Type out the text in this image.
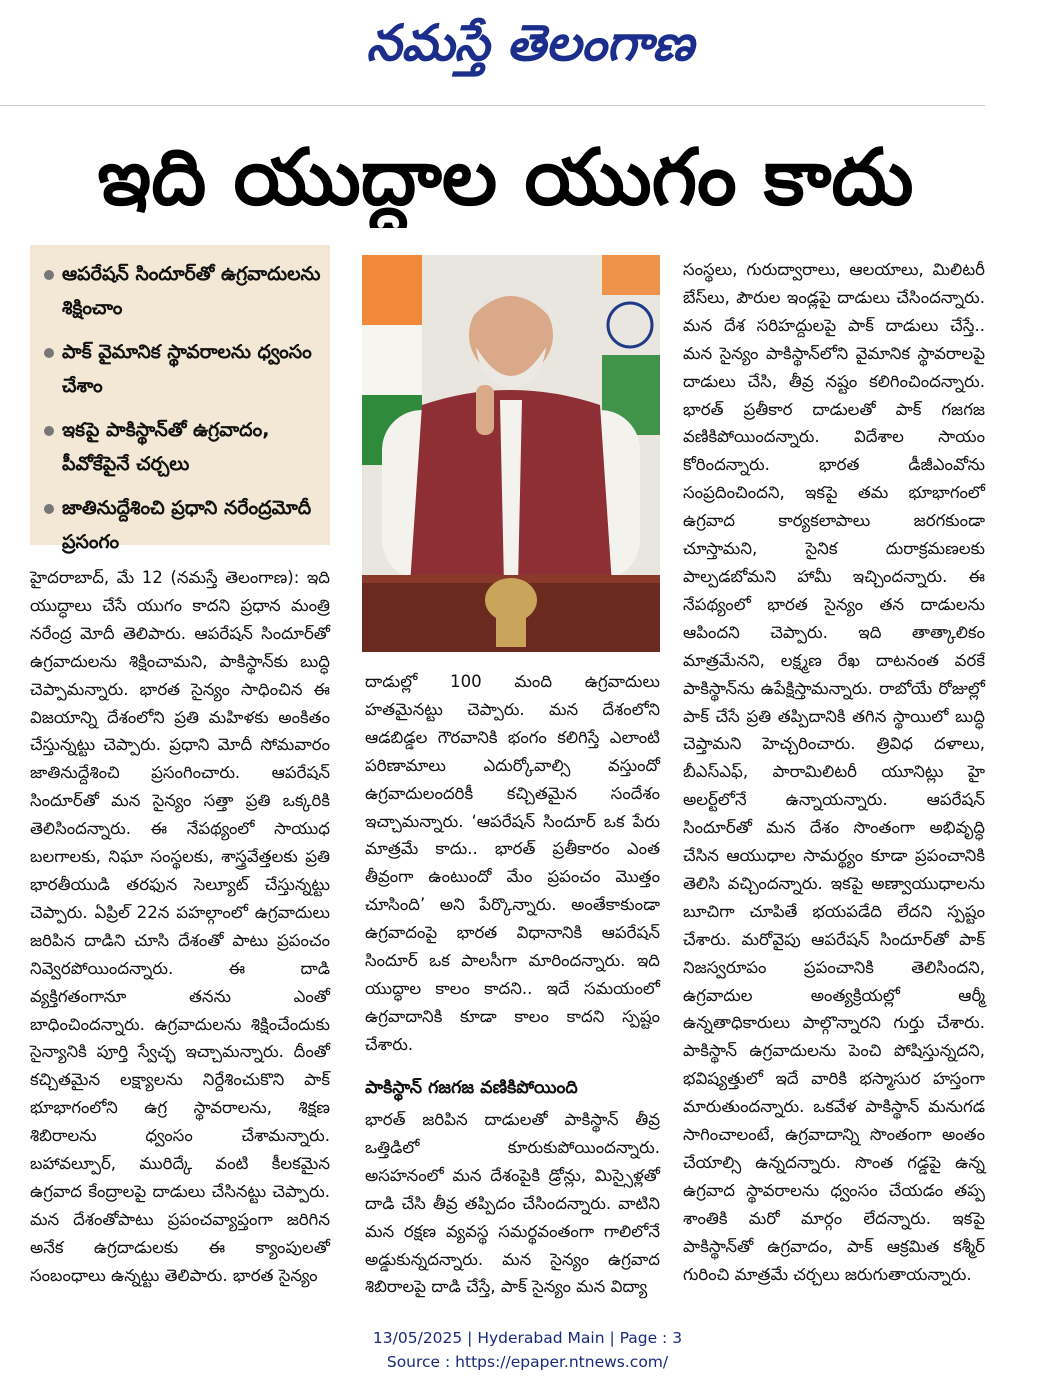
నమస్తే తెలంగాణ
ఇది యుద్ధాల యుగం కాదు
ఆపరేషన్ సిందూర్‌తో ఉగ్రవాదులను శిక్షించాం
పాక్ వైమానిక స్థావరాలను ధ్వంసం చేశాం
ఇకపై పాకిస్థాన్‌తో ఉగ్రవాదం, పీవోకేపైనే చర్చలు
జాతినుద్దేశించి ప్రధాని నరేంద్రమోదీ ప్రసంగం

హైదరాబాద్, మే 12 (నమస్తే తెలంగాణ): ఇది యుద్ధాలు చేసే యుగం కాదని ప్రధాన మంత్రి నరేంద్ర మోదీ తెలిపారు. ఆపరేషన్ సిందూర్‌తో ఉగ్రవాదులను శిక్షించామని, పాకిస్థాన్‌కు బుద్ధి చెప్పామన్నారు. భారత సైన్యం సాధించిన ఈ విజయాన్ని దేశంలోని ప్రతి మహిళకు అంకితం చేస్తున్నట్టు చెప్పారు. ప్రధాని మోదీ సోమవారం జాతినుద్దేశించి ప్రసంగించారు. ఆపరేషన్ సిందూర్‌తో మన సైన్యం సత్తా ప్రతి ఒక్కరికి తెలిసిందన్నారు. ఈ నేపథ్యంలో సాయుధ బలగాలకు, నిఘా సంస్థలకు, శాస్త్రవేత్తలకు ప్రతి భారతీయుడి తరఫున సెల్యూట్ చేస్తున్నట్టు చెప్పారు. ఏప్రిల్ 22న పహల్గాంలో ఉగ్రవాదులు జరిపిన దాడిని చూసి దేశంతో పాటు ప్రపంచం నివ్వెరపోయిందన్నారు. ఈ దాడి వ్యక్తిగతంగానూ తనను ఎంతో బాధించిందన్నారు. ఉగ్రవాదులను శిక్షించేందుకు సైన్యానికి పూర్తి స్వేచ్ఛ ఇచ్చామన్నారు. దీంతో కచ్చితమైన లక్ష్యాలను నిర్దేశించుకొని పాక్ భూభాగంలోని ఉగ్ర స్థావరాలను, శిక్షణ శిబిరాలను ధ్వంసం చేశామన్నారు. బహావల్పూర్, మురిద్కే వంటి కీలకమైన ఉగ్రవాద కేంద్రాలపై దాడులు చేసినట్టు చెప్పారు. మన దేశంతోపాటు ప్రపంచవ్యాప్తంగా జరిగిన అనేక ఉగ్రదాడులకు ఈ క్యాంపులతో సంబంధాలు ఉన్నట్టు తెలిపారు. భారత సైన్యం

దాడుల్లో 100 మంది ఉగ్రవాదులు హతమైనట్టు చెప్పారు. మన దేశంలోని ఆడబిడ్డల గౌరవానికి భంగం కలిగిస్తే ఎలాంటి పరిణామాలు ఎదుర్కోవాల్సి వస్తుందో ఉగ్రవాదులందరికీ కచ్చితమైన సందేశం ఇచ్చామన్నారు. ‘ఆపరేషన్ సిందూర్ ఒక పేరు మాత్రమే కాదు.. భారత్ ప్రతీకారం ఎంత తీవ్రంగా ఉంటుందో మేం ప్రపంచం మొత్తం చూసింది’ అని పేర్కొన్నారు. అంతేకాకుండా ఉగ్రవాదంపై భారత విధానానికి ఆపరేషన్ సిందూర్ ఒక పాలసీగా మారిందన్నారు. ఇది యుద్ధాల కాలం కాదని.. ఇదే సమయంలో ఉగ్రవాదానికి కూడా కాలం కాదని స్పష్టం చేశారు.

పాకిస్థాన్ గజగజ వణికిపోయింది

భారత్ జరిపిన దాడులతో పాకిస్థాన్ తీవ్ర ఒత్తిడిలో కూరుకుపోయిందన్నారు. అసహనంలో మన దేశంపైకి డ్రోన్లు, మిస్సైళ్లతో దాడి చేసి తీవ్ర తప్పిదం చేసిందన్నారు. వాటిని మన రక్షణ వ్యవస్థ సమర్థవంతంగా గాలిలోనే అడ్డుకున్నదన్నారు. మన సైన్యం ఉగ్రవాద శిబిరాలపై దాడి చేస్తే, పాక్ సైన్యం మన విద్యా

సంస్థలు, గురుద్వారాలు, ఆలయాలు, మిలిటరీ బేస్‌లు, పౌరుల ఇండ్లపై దాడులు చేసిందన్నారు. మన దేశ సరిహద్దులపై పాక్ దాడులు చేస్తే.. మన సైన్యం పాకిస్థాన్‌లోని వైమానిక స్థావరాలపై దాడులు చేసి, తీవ్ర నష్టం కలిగించిందన్నారు. భారత్ ప్రతీకార దాడులతో పాక్ గజగజ వణికిపోయిందన్నారు. విదేశాల సాయం కోరిందన్నారు. భారత డీజీఎంవోను సంప్రదించిందని, ఇకపై తమ భూభాగంలో ఉగ్రవాద కార్యకలాపాలు జరగకుండా చూస్తామని, సైనిక దురాక్రమణలకు పాల్పడబోమని హామీ ఇచ్చిందన్నారు. ఈ నేపథ్యంలో భారత సైన్యం తన దాడులను ఆపిందని చెప్పారు. ఇది తాత్కాలికం మాత్రమేనని, లక్ష్మణ రేఖ దాటనంత వరకే పాకిస్థాన్‌ను ఉపేక్షిస్తామన్నారు. రాబోయే రోజుల్లో పాక్ చేసే ప్రతి తప్పిదానికి తగిన స్థాయిలో బుద్ధి చెప్తామని హెచ్చరించారు. త్రివిధ దళాలు, బీఎస్‌ఎఫ్, పారామిలిటరీ యూనిట్లు హై అలర్ట్‌లోనే ఉన్నాయన్నారు. ఆపరేషన్ సిందూర్‌తో మన దేశం సొంతంగా అభివృద్ధి చేసిన ఆయుధాల సామర్థ్యం కూడా ప్రపంచానికి తెలిసి వచ్చిందన్నారు. ఇకపై అణ్వాయుధాలను బూచిగా చూపితే భయపడేది లేదని స్పష్టం చేశారు. మరోవైపు ఆపరేషన్ సిందూర్‌తో పాక్ నిజస్వరూపం ప్రపంచానికి తెలిసిందని, ఉగ్రవాదుల అంత్యక్రియల్లో ఆర్మీ ఉన్నతాధికారులు పాల్గొన్నారని గుర్తు చేశారు. పాకిస్థాన్ ఉగ్రవాదులను పెంచి పోషిస్తున్నదని, భవిష్యత్తులో ఇదే వారికి భస్మాసుర హస్తంగా మారుతుందన్నారు. ఒకవేళ పాకిస్థాన్ మనుగడ సాగించాలంటే, ఉగ్రవాదాన్ని సొంతంగా అంతం చేయాల్సి ఉన్నదన్నారు. సొంత గడ్డపై ఉన్న ఉగ్రవాద స్థావరాలను ధ్వంసం చేయడం తప్ప శాంతికి మరో మార్గం లేదన్నారు. ఇకపై పాకిస్థాన్‌తో ఉగ్రవాదం, పాక్ ఆక్రమిత కశ్మీర్ గురించి మాత్రమే చర్చలు జరుగుతాయన్నారు.

13/05/2025 | Hyderabad Main | Page : 3
Source : https://epaper.ntnews.com/
